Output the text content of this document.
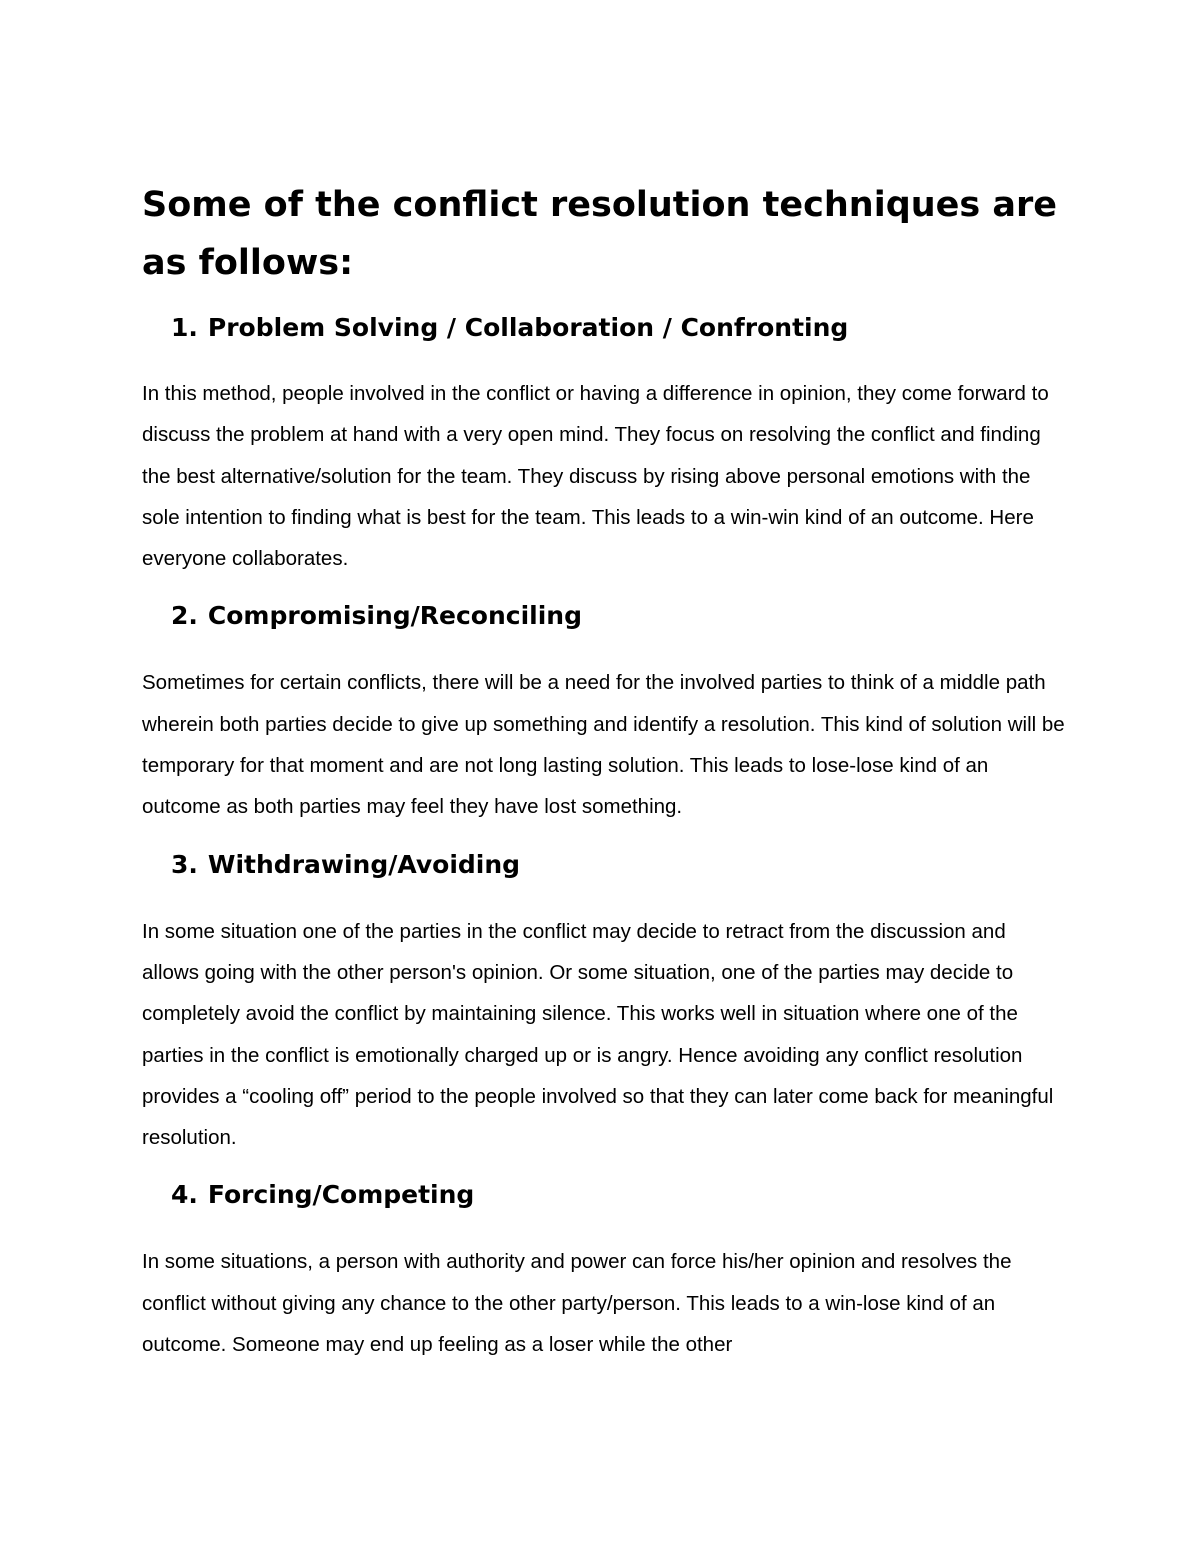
Some of the conflict resolution techniques are as follows:
1. Problem Solving / Collaboration / Confronting

In this method, people involved in the conflict or having a difference in opinion, they come forward to discuss the problem at hand with a very open mind. They focus on resolving the conflict and finding the best alternative/solution for the team. They discuss by rising above personal emotions with the sole intention to finding what is best for the team. This leads to a win-win kind of an outcome. Here everyone collaborates.

2. Compromising/Reconciling

Sometimes for certain conflicts, there will be a need for the involved parties to think of a middle path wherein both parties decide to give up something and identify a resolution. This kind of solution will be temporary for that moment and are not long lasting solution. This leads to lose-lose kind of an outcome as both parties may feel they have lost something.

3. Withdrawing/Avoiding

In some situation one of the parties in the conflict may decide to retract from the discussion and allows going with the other person's opinion. Or some situation, one of the parties may decide to completely avoid the conflict by maintaining silence. This works well in situation where one of the parties in the conflict is emotionally charged up or is angry. Hence avoiding any conflict resolution provides a “cooling off” period to the people involved so that they can later come back for meaningful resolution.

4. Forcing/Competing

In some situations, a person with authority and power can force his/her opinion and resolves the conflict without giving any chance to the other party/person. This leads to a win-lose kind of an outcome. Someone may end up feeling as a loser while the other
